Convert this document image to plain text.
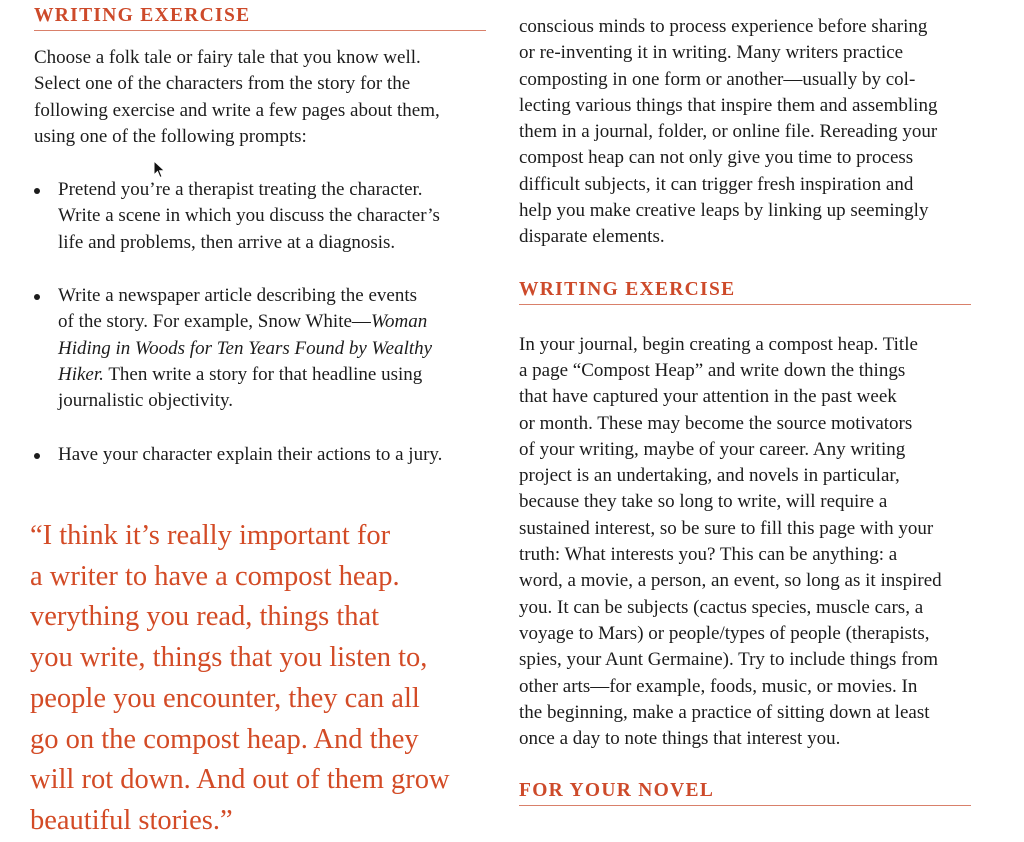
WRITING EXERCISE

Choose a folk tale or fairy tale that you know well.
Select one of the characters from the story for the
following exercise and write a few pages about them,
using one of the following prompts:

Pretend you’re a therapist treating the character.
Write a scene in which you discuss the character’s
life and problems, then arrive at a diagnosis.

Write a newspaper article describing the events
of the story. For example, Snow White—Woman
Hiding in Woods for Ten Years Found by Wealthy
Hiker. Then write a story for that headline using
journalistic objectivity.

Have your character explain their actions to a jury.

“I think it’s really important for
a writer to have a compost heap.
verything you read, things that
you write, things that you listen to,
people you encounter, they can all
go on the compost heap. And they
will rot down. And out of them grow
beautiful stories.”

conscious minds to process experience before sharing
or re-inventing it in writing. Many writers practice
composting in one form or another—usually by col-
lecting various things that inspire them and assembling
them in a journal, folder, or online file. Rereading your
compost heap can not only give you time to process
difficult subjects, it can trigger fresh inspiration and
help you make creative leaps by linking up seemingly
disparate elements.

WRITING EXERCISE

In your journal, begin creating a compost heap. Title
a page “Compost Heap” and write down the things
that have captured your attention in the past week
or month. These may become the source motivators
of your writing, maybe of your career. Any writing
project is an undertaking, and novels in particular,
because they take so long to write, will require a
sustained interest, so be sure to fill this page with your
truth: What interests you? This can be anything: a
word, a movie, a person, an event, so long as it inspired
you. It can be subjects (cactus species, muscle cars, a
voyage to Mars) or people/types of people (therapists,
spies, your Aunt Germaine). Try to include things from
other arts—for example, foods, music, or movies. In
the beginning, make a practice of sitting down at least
once a day to note things that interest you.

FOR YOUR NOVEL
